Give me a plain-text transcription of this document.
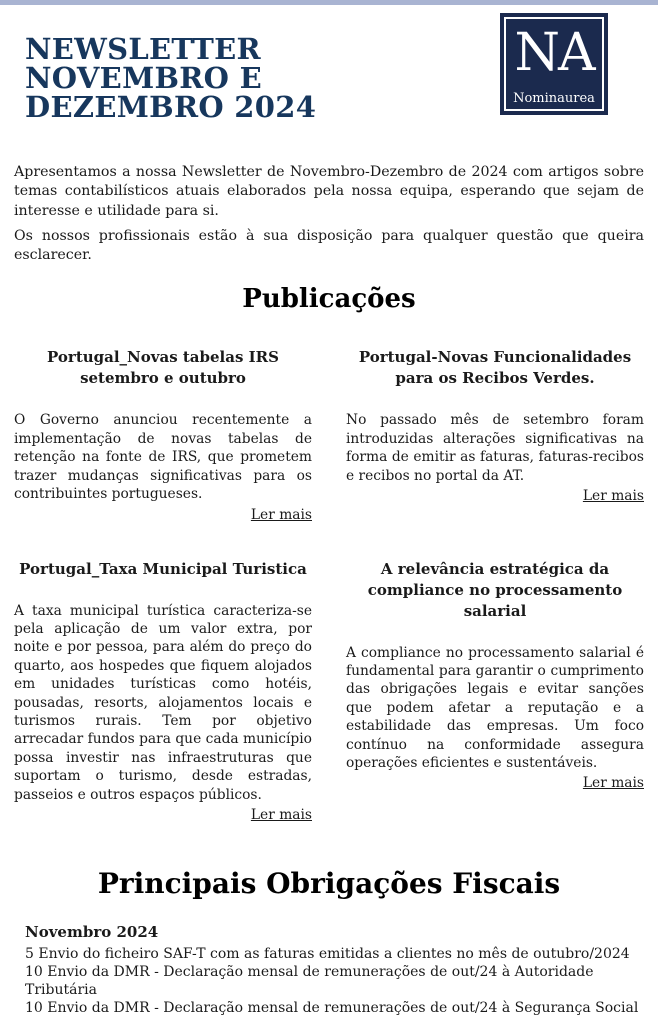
NEWSLETTER
NOVEMBRO E
DEZEMBRO 2024
NA
Nominaurea

Apresentamos a nossa Newsletter de Novembro-Dezembro de 2024 com artigos sobre temas contabilísticos atuais elaborados pela nossa equipa, esperando que sejam de interesse e utilidade para si.

Os nossos profissionais estão à sua disposição para qualquer questão que queira esclarecer.

Publicações
Portugal_Novas tabelas IRS setembro e outubro
O Governo anunciou recentemente a implementação de novas tabelas de retenção na fonte de IRS, que prometem trazer mudanças significativas para os contribuintes portugueses.
Ler mais
Portugal-Novas Funcionalidades para os Recibos Verdes.
No passado mês de setembro foram introduzidas alterações significativas na forma de emitir as faturas, faturas-recibos e recibos no portal da AT.
Ler mais
Portugal_Taxa Municipal Turistica
A taxa municipal turística caracteriza-se pela aplicação de um valor extra, por noite e por pessoa, para além do preço do quarto, aos hospedes que fiquem alojados em unidades turísticas como hotéis, pousadas, resorts, alojamentos locais e turismos rurais. Tem por objetivo arrecadar fundos para que cada município possa investir nas infraestruturas que suportam o turismo, desde estradas, passeios e outros espaços públicos.
Ler mais
A relevância estratégica da compliance no processamento salarial
A compliance no processamento salarial é fundamental para garantir o cumprimento das obrigações legais e evitar sanções que podem afetar a reputação e a estabilidade das empresas. Um foco contínuo na conformidade assegura operações eficientes e sustentáveis.
Ler mais
Principais Obrigações Fiscais
Novembro 2024
5 Envio do ficheiro SAF-T com as faturas emitidas a clientes no mês de outubro/2024
10 Envio da DMR - Declaração mensal de remunerações de out/24 à Autoridade Tributária
10 Envio da DMR - Declaração mensal de remunerações de out/24 à Segurança Social
